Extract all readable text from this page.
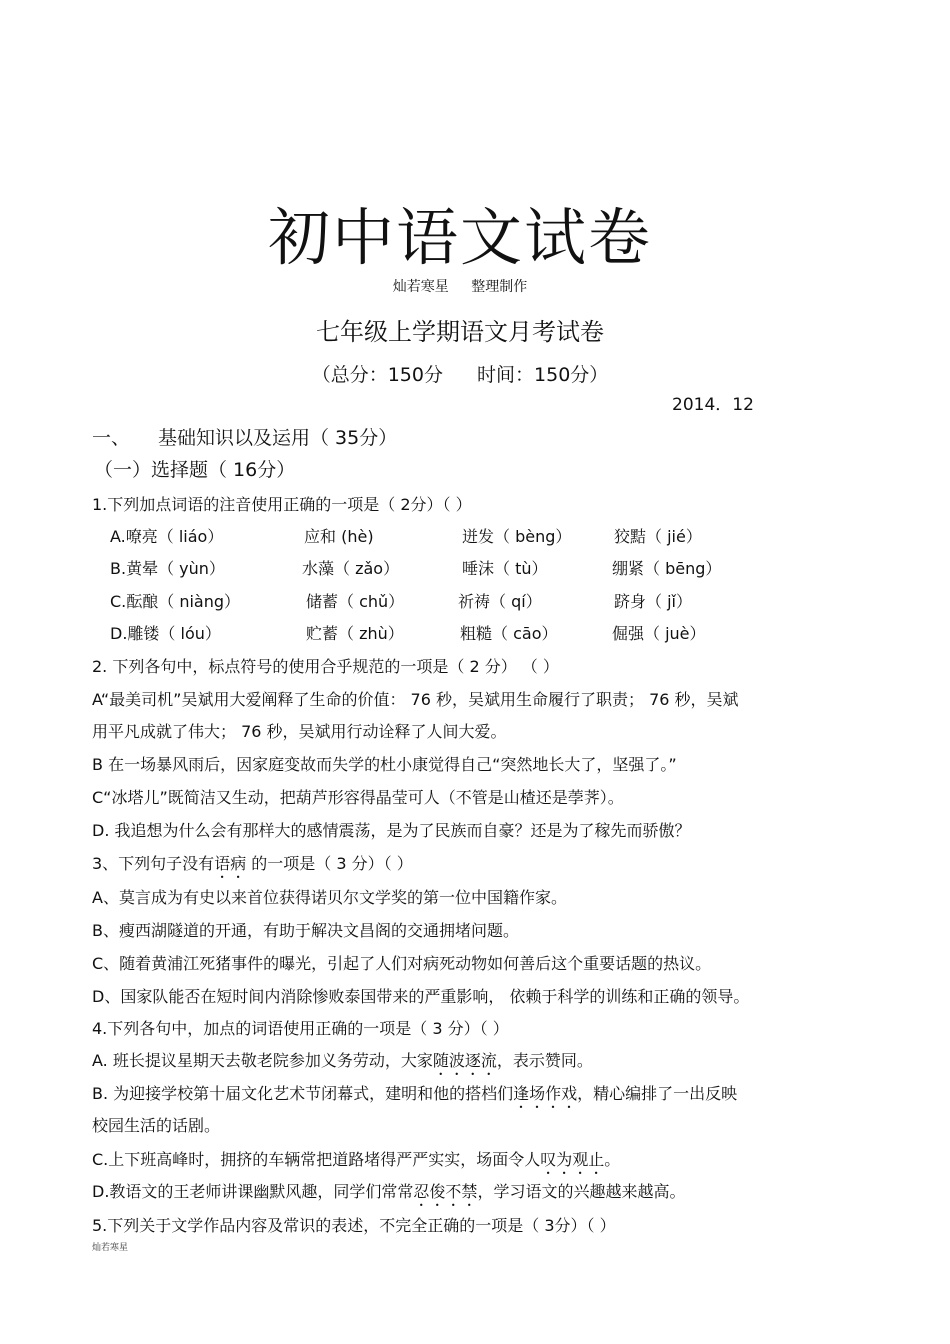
初中语文试卷
灿若寒星 整理制作
七年级上学期语文月考试卷
（总分：150分 时间：150分）
2014．12
一、 基础知识以及运用（ 35分）
（一）选择题（ 16分）
1.下列加点词语的注音使用正确的一项是（ 2分）（ ）
A.嘹亮（ liáo）	应和 (hè)	迸发（ bèng）	狡黠（ jié）
B.黄晕（ yùn）	水藻（ zǎo）	唾沫（ tù）	绷紧（ bēng）
C.酝酿（ niàng）	储蓄（ chǔ）	祈祷（ qí）	跻身（ jǐ）
D.雕镂（ lóu）	贮蓄（ zhù）	粗糙（ cāo）	倔强（ juè）
2. 下列各句中，标点符号的使用合乎规范的一项是（ 2 分） （ ）
A“最美司机”吴斌用大爱阐释了生命的价值： 76 秒，吴斌用生命履行了职责； 76 秒，吴斌
用平凡成就了伟大； 76 秒，吴斌用行动诠释了人间大爱。
B 在一场暴风雨后，因家庭变故而失学的杜小康觉得自己“突然地长大了，坚强了。”
C“冰塔儿”既简洁又生动，把葫芦形容得晶莹可人（不管是山楂还是荸荠）。
D. 我追想为什么会有那样大的感情震荡，是为了民族而自豪？还是为了稼先而骄傲？
3、下列句子没有语病 的一项是（ 3 分）（ ）
A、莫言成为有史以来首位获得诺贝尔文学奖的第一位中国籍作家。
B、瘦西湖隧道的开通，有助于解决文昌阁的交通拥堵问题。
C、随着黄浦江死猪事件的曝光，引起了人们对病死动物如何善后这个重要话题的热议。
D、国家队能否在短时间内消除惨败泰国带来的严重影响， 依赖于科学的训练和正确的领导。
4.下列各句中，加点的词语使用正确的一项是（ 3 分）（ ）
A. 班长提议星期天去敬老院参加义务劳动，大家随波逐流，表示赞同。
B. 为迎接学校第十届文化艺术节闭幕式，建明和他的搭档们逢场作戏，精心编排了一出反映
校园生活的话剧。
C.上下班高峰时，拥挤的车辆常把道路堵得严严实实，场面令人叹为观止。
D.教语文的王老师讲课幽默风趣，同学们常常忍俊不禁，学习语文的兴趣越来越高。
5.下列关于文学作品内容及常识的表述，不完全正确的一项是（ 3分）（ ）
灿若寒星
